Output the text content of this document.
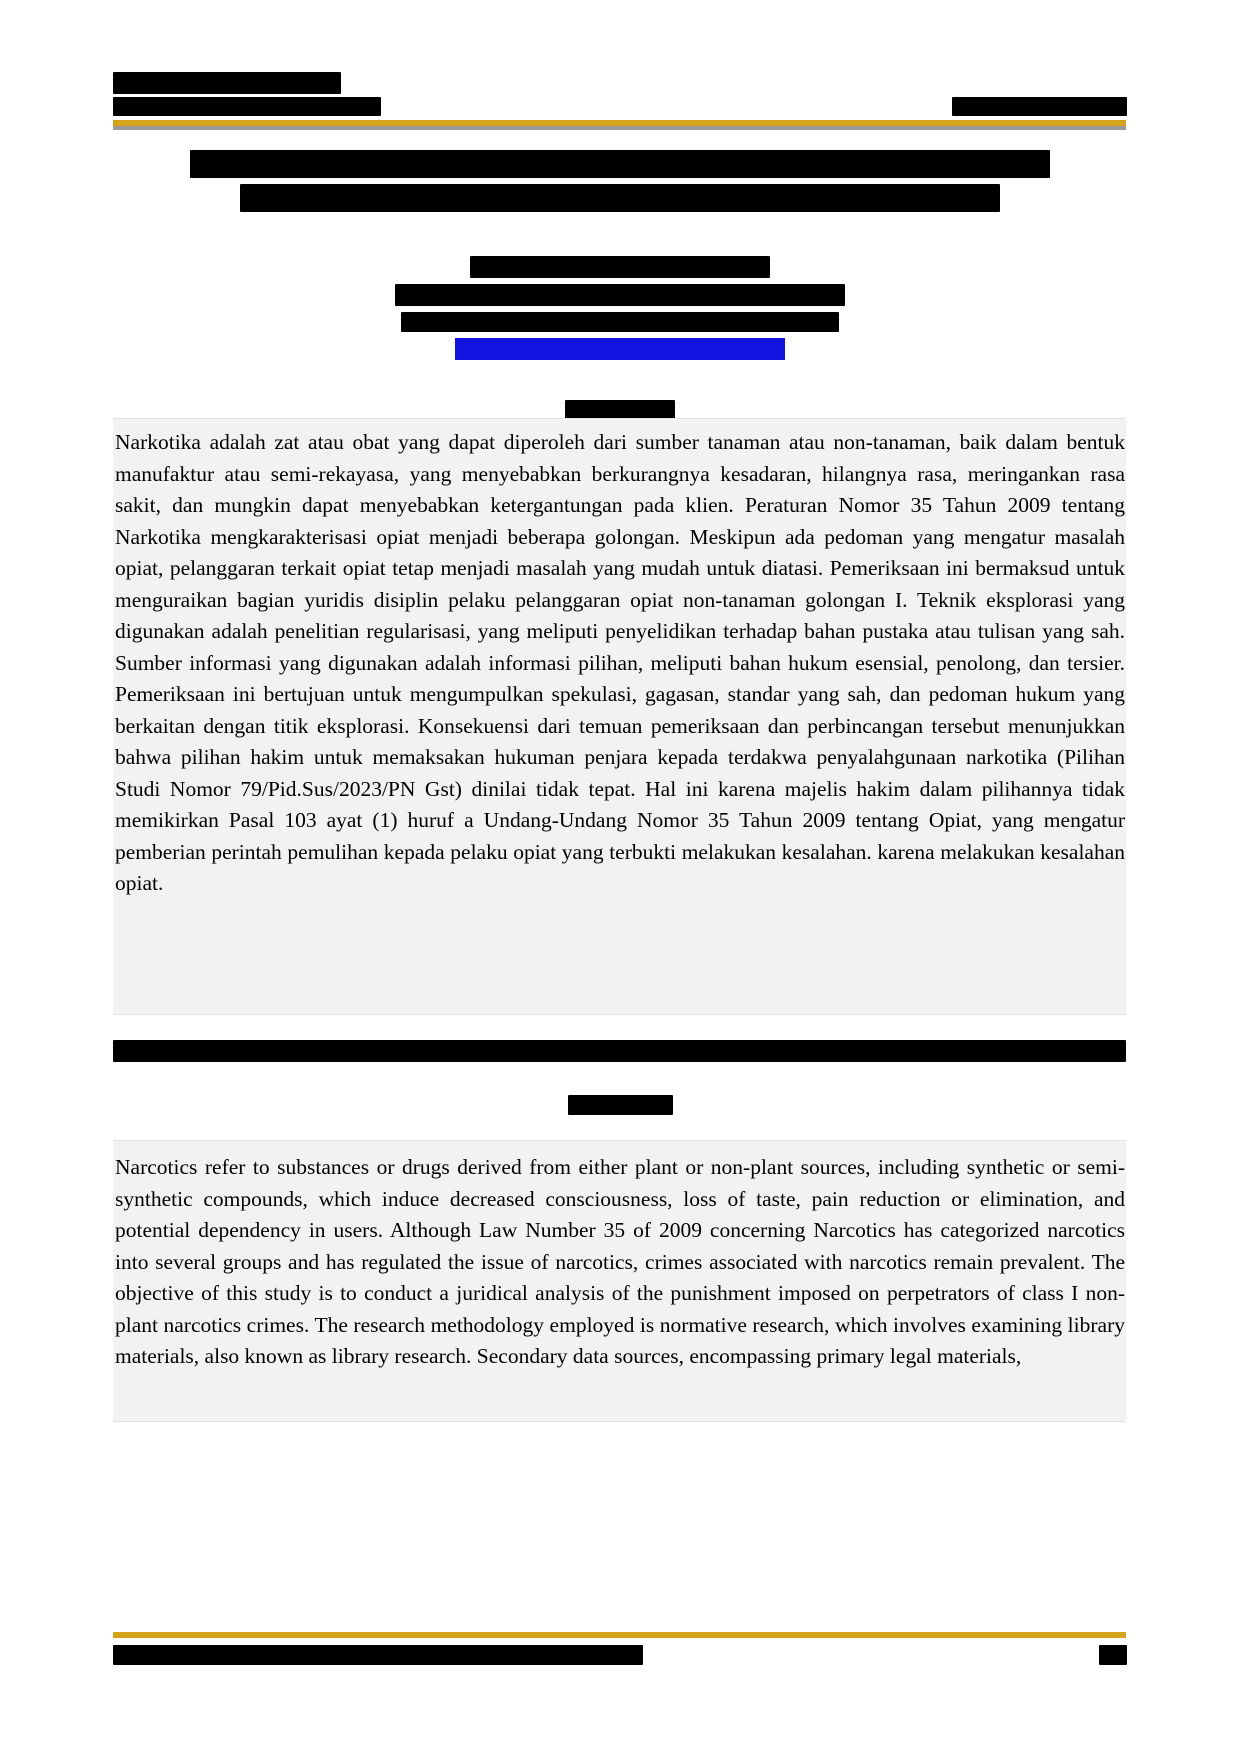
Narkotika adalah zat atau obat yang dapat diperoleh dari sumber tanaman atau non-tanaman, baik dalam bentuk manufaktur atau semi-rekayasa, yang menyebabkan berkurangnya kesadaran, hilangnya rasa, meringankan rasa sakit, dan mungkin dapat menyebabkan ketergantungan pada klien. Peraturan Nomor 35 Tahun 2009 tentang Narkotika mengkarakterisasi opiat menjadi beberapa golongan. Meskipun ada pedoman yang mengatur masalah opiat, pelanggaran terkait opiat tetap menjadi masalah yang mudah untuk diatasi. Pemeriksaan ini bermaksud untuk menguraikan bagian yuridis disiplin pelaku pelanggaran opiat non-tanaman golongan I. Teknik eksplorasi yang digunakan adalah penelitian regularisasi, yang meliputi penyelidikan terhadap bahan pustaka atau tulisan yang sah. Sumber informasi yang digunakan adalah informasi pilihan, meliputi bahan hukum esensial, penolong, dan tersier. Pemeriksaan ini bertujuan untuk mengumpulkan spekulasi, gagasan, standar yang sah, dan pedoman hukum yang berkaitan dengan titik eksplorasi. Konsekuensi dari temuan pemeriksaan dan perbincangan tersebut menunjukkan bahwa pilihan hakim untuk memaksakan hukuman penjara kepada terdakwa penyalahgunaan narkotika (Pilihan Studi Nomor 79/Pid.Sus/2023/PN Gst) dinilai tidak tepat. Hal ini karena majelis hakim dalam pilihannya tidak memikirkan Pasal 103 ayat (1) huruf a Undang-Undang Nomor 35 Tahun 2009 tentang Opiat, yang mengatur pemberian perintah pemulihan kepada pelaku opiat yang terbukti melakukan kesalahan. karena melakukan kesalahan opiat.
Narcotics refer to substances or drugs derived from either plant or non-plant sources, including synthetic or semi-synthetic compounds, which induce decreased consciousness, loss of taste, pain reduction or elimination, and potential dependency in users. Although Law Number 35 of 2009 concerning Narcotics has categorized narcotics into several groups and has regulated the issue of narcotics, crimes associated with narcotics remain prevalent. The objective of this study is to conduct a juridical analysis of the punishment imposed on perpetrators of class I non-plant narcotics crimes. The research methodology employed is normative research, which involves examining library materials, also known as library research. Secondary data sources, encompassing primary legal materials,
